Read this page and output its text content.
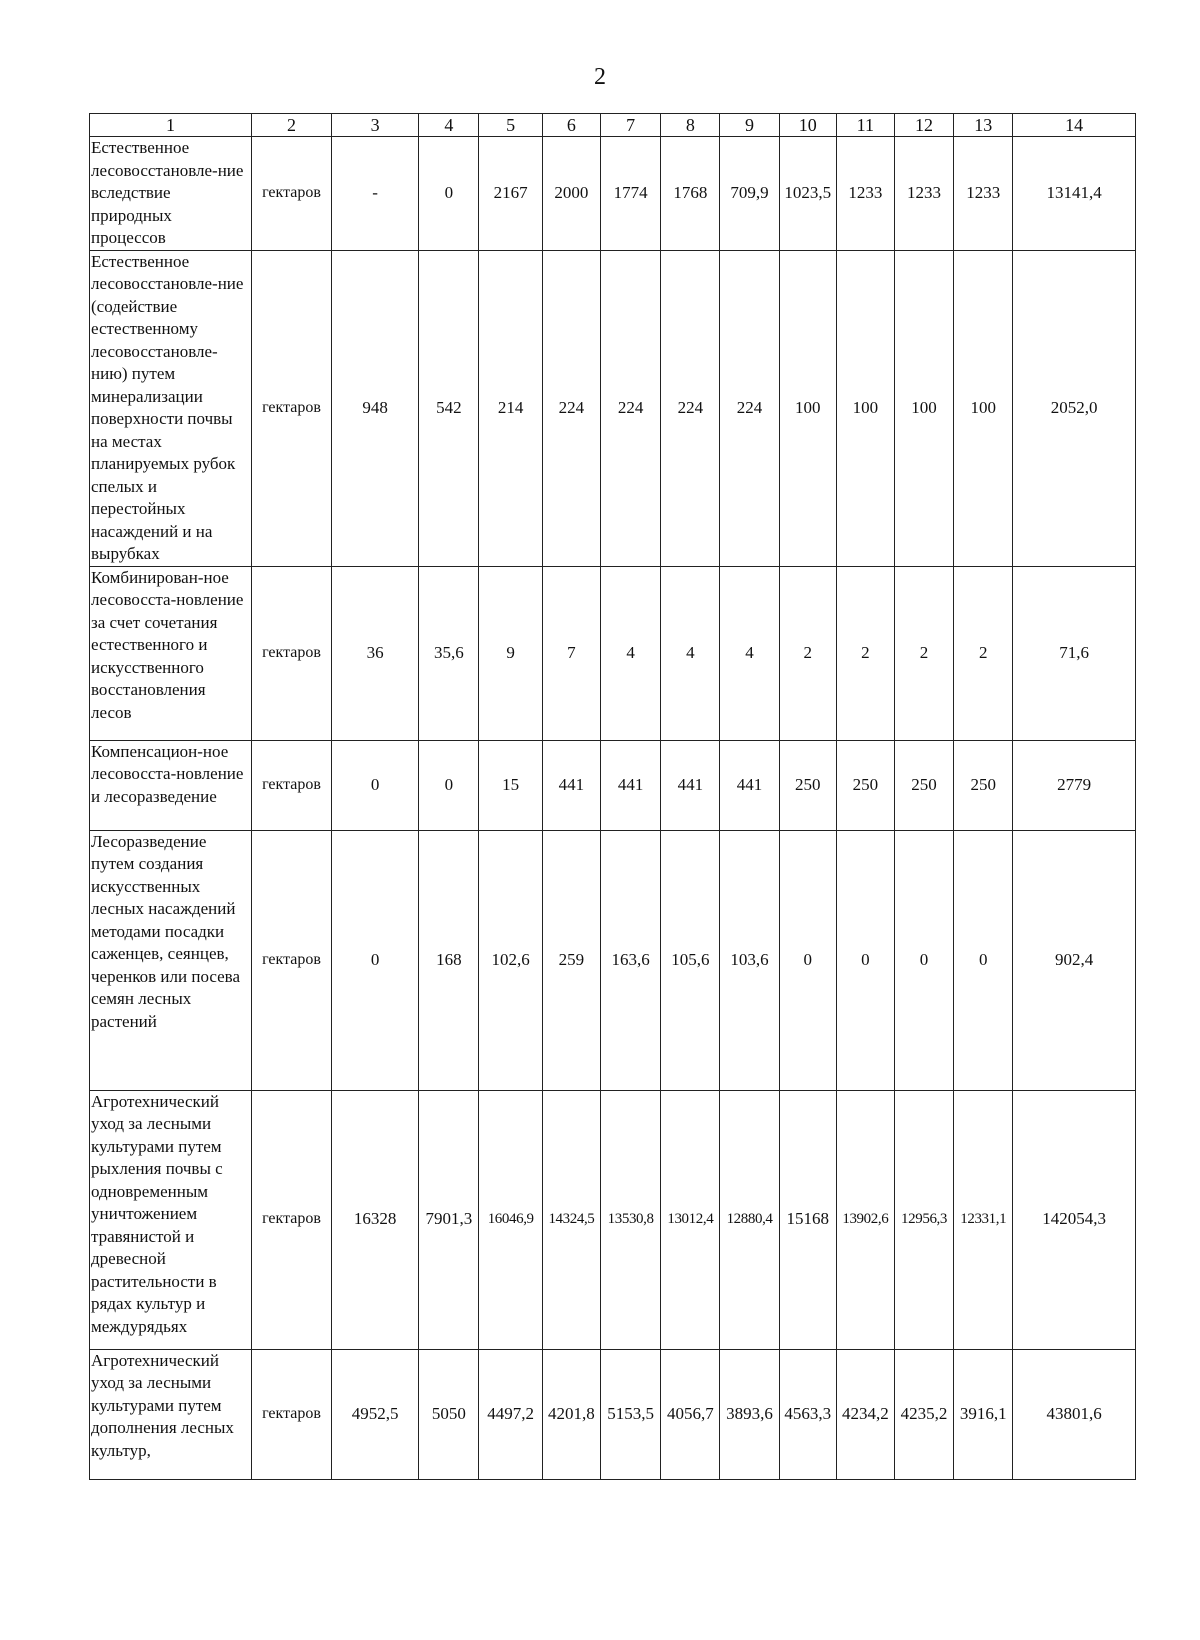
2
1	2	3	4	5	6	7	8	9	10	11	12	13	14
Естественное лесовосстановле-ние вследствие природных процессов	гектаров	-	0	2167	2000	1774	1768	709,9	1023,5	1233	1233	1233	13141,4
Естественное лесовосстановле-ние (содействие естественному лесовосстановле-нию) путем минерализации поверхности почвы на местах планируемых рубок спелых и перестойных насаждений и на вырубках	гектаров	948	542	214	224	224	224	224	100	100	100	100	2052,0
Комбинирован-ное лесовосста-новление за счет сочетания естественного и искусственного восстановления лесов	гектаров	36	35,6	9	7	4	4	4	2	2	2	2	71,6
Компенсацион-ное лесовосста-новление и лесоразведение	гектаров	0	0	15	441	441	441	441	250	250	250	250	2779
Лесоразведение путем создания искусственных лесных насаждений методами посадки саженцев, сеянцев, черенков или посева семян лесных растений	гектаров	0	168	102,6	259	163,6	105,6	103,6	0	0	0	0	902,4
Агротехнический уход за лесными культурами путем рыхления почвы с одновременным уничтожением травянистой и древесной растительности в рядах культур и междурядьях	гектаров	16328	7901,3	16046,9	14324,5	13530,8	13012,4	12880,4	15168	13902,6	12956,3	12331,1	142054,3
Агротехнический уход за лесными культурами путем дополнения лесных культур,	гектаров	4952,5	5050	4497,2	4201,8	5153,5	4056,7	3893,6	4563,3	4234,2	4235,2	3916,1	43801,6
